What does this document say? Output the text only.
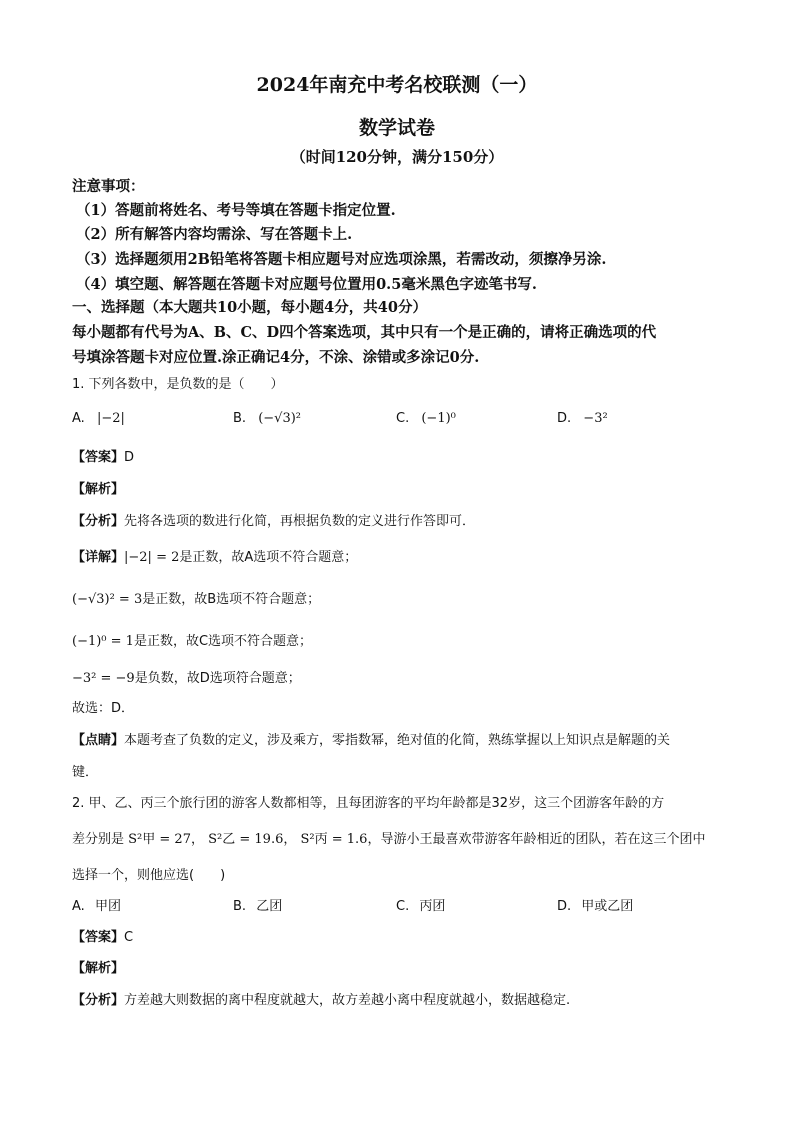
2024年南充中考名校联测（一）
数学试卷
（时间120分钟，满分150分）
注意事项：
（1）答题前将姓名、考号等填在答题卡指定位置.
（2）所有解答内容均需涂、写在答题卡上.
（3）选择题须用2B铅笔将答题卡相应题号对应选项涂黑，若需改动，须擦净另涂.
（4）填空题、解答题在答题卡对应题号位置用0.5毫米黑色字迹笔书写.
一、选择题（本大题共10小题，每小题4分，共40分）
每小题都有代号为A、B、C、D四个答案选项，其中只有一个是正确的，请将正确选项的代
号填涂答题卡对应位置.涂正确记4分，不涂、涂错或多涂记0分.
1. 下列各数中，是负数的是（　　）
A. |−2|	B. (−√3)²	C. (−1)⁰	D. −3²
【答案】D
【解析】
【分析】先将各选项的数进行化简，再根据负数的定义进行作答即可．
【详解】|−2| = 2是正数，故A选项不符合题意；
(−√3)² = 3是正数，故B选项不符合题意；
(−1)⁰ = 1是正数，故C选项不符合题意；
−3² = −9是负数，故D选项符合题意；
故选：D．
【点睛】本题考查了负数的定义，涉及乘方，零指数幂，绝对值的化简，熟练掌握以上知识点是解题的关
键．
2. 甲、乙、丙三个旅行团的游客人数都相等，且每团游客的平均年龄都是32岁，这三个团游客年龄的方
差分别是 S²甲 = 27， S²乙 = 19.6， S²丙 = 1.6，导游小王最喜欢带游客年龄相近的团队，若在这三个团中
选择一个，则他应选(　　)
A. 甲团	B. 乙团	C. 丙团	D. 甲或乙团
【答案】C
【解析】
【分析】方差越大则数据的离中程度就越大，故方差越小离中程度就越小，数据越稳定.
